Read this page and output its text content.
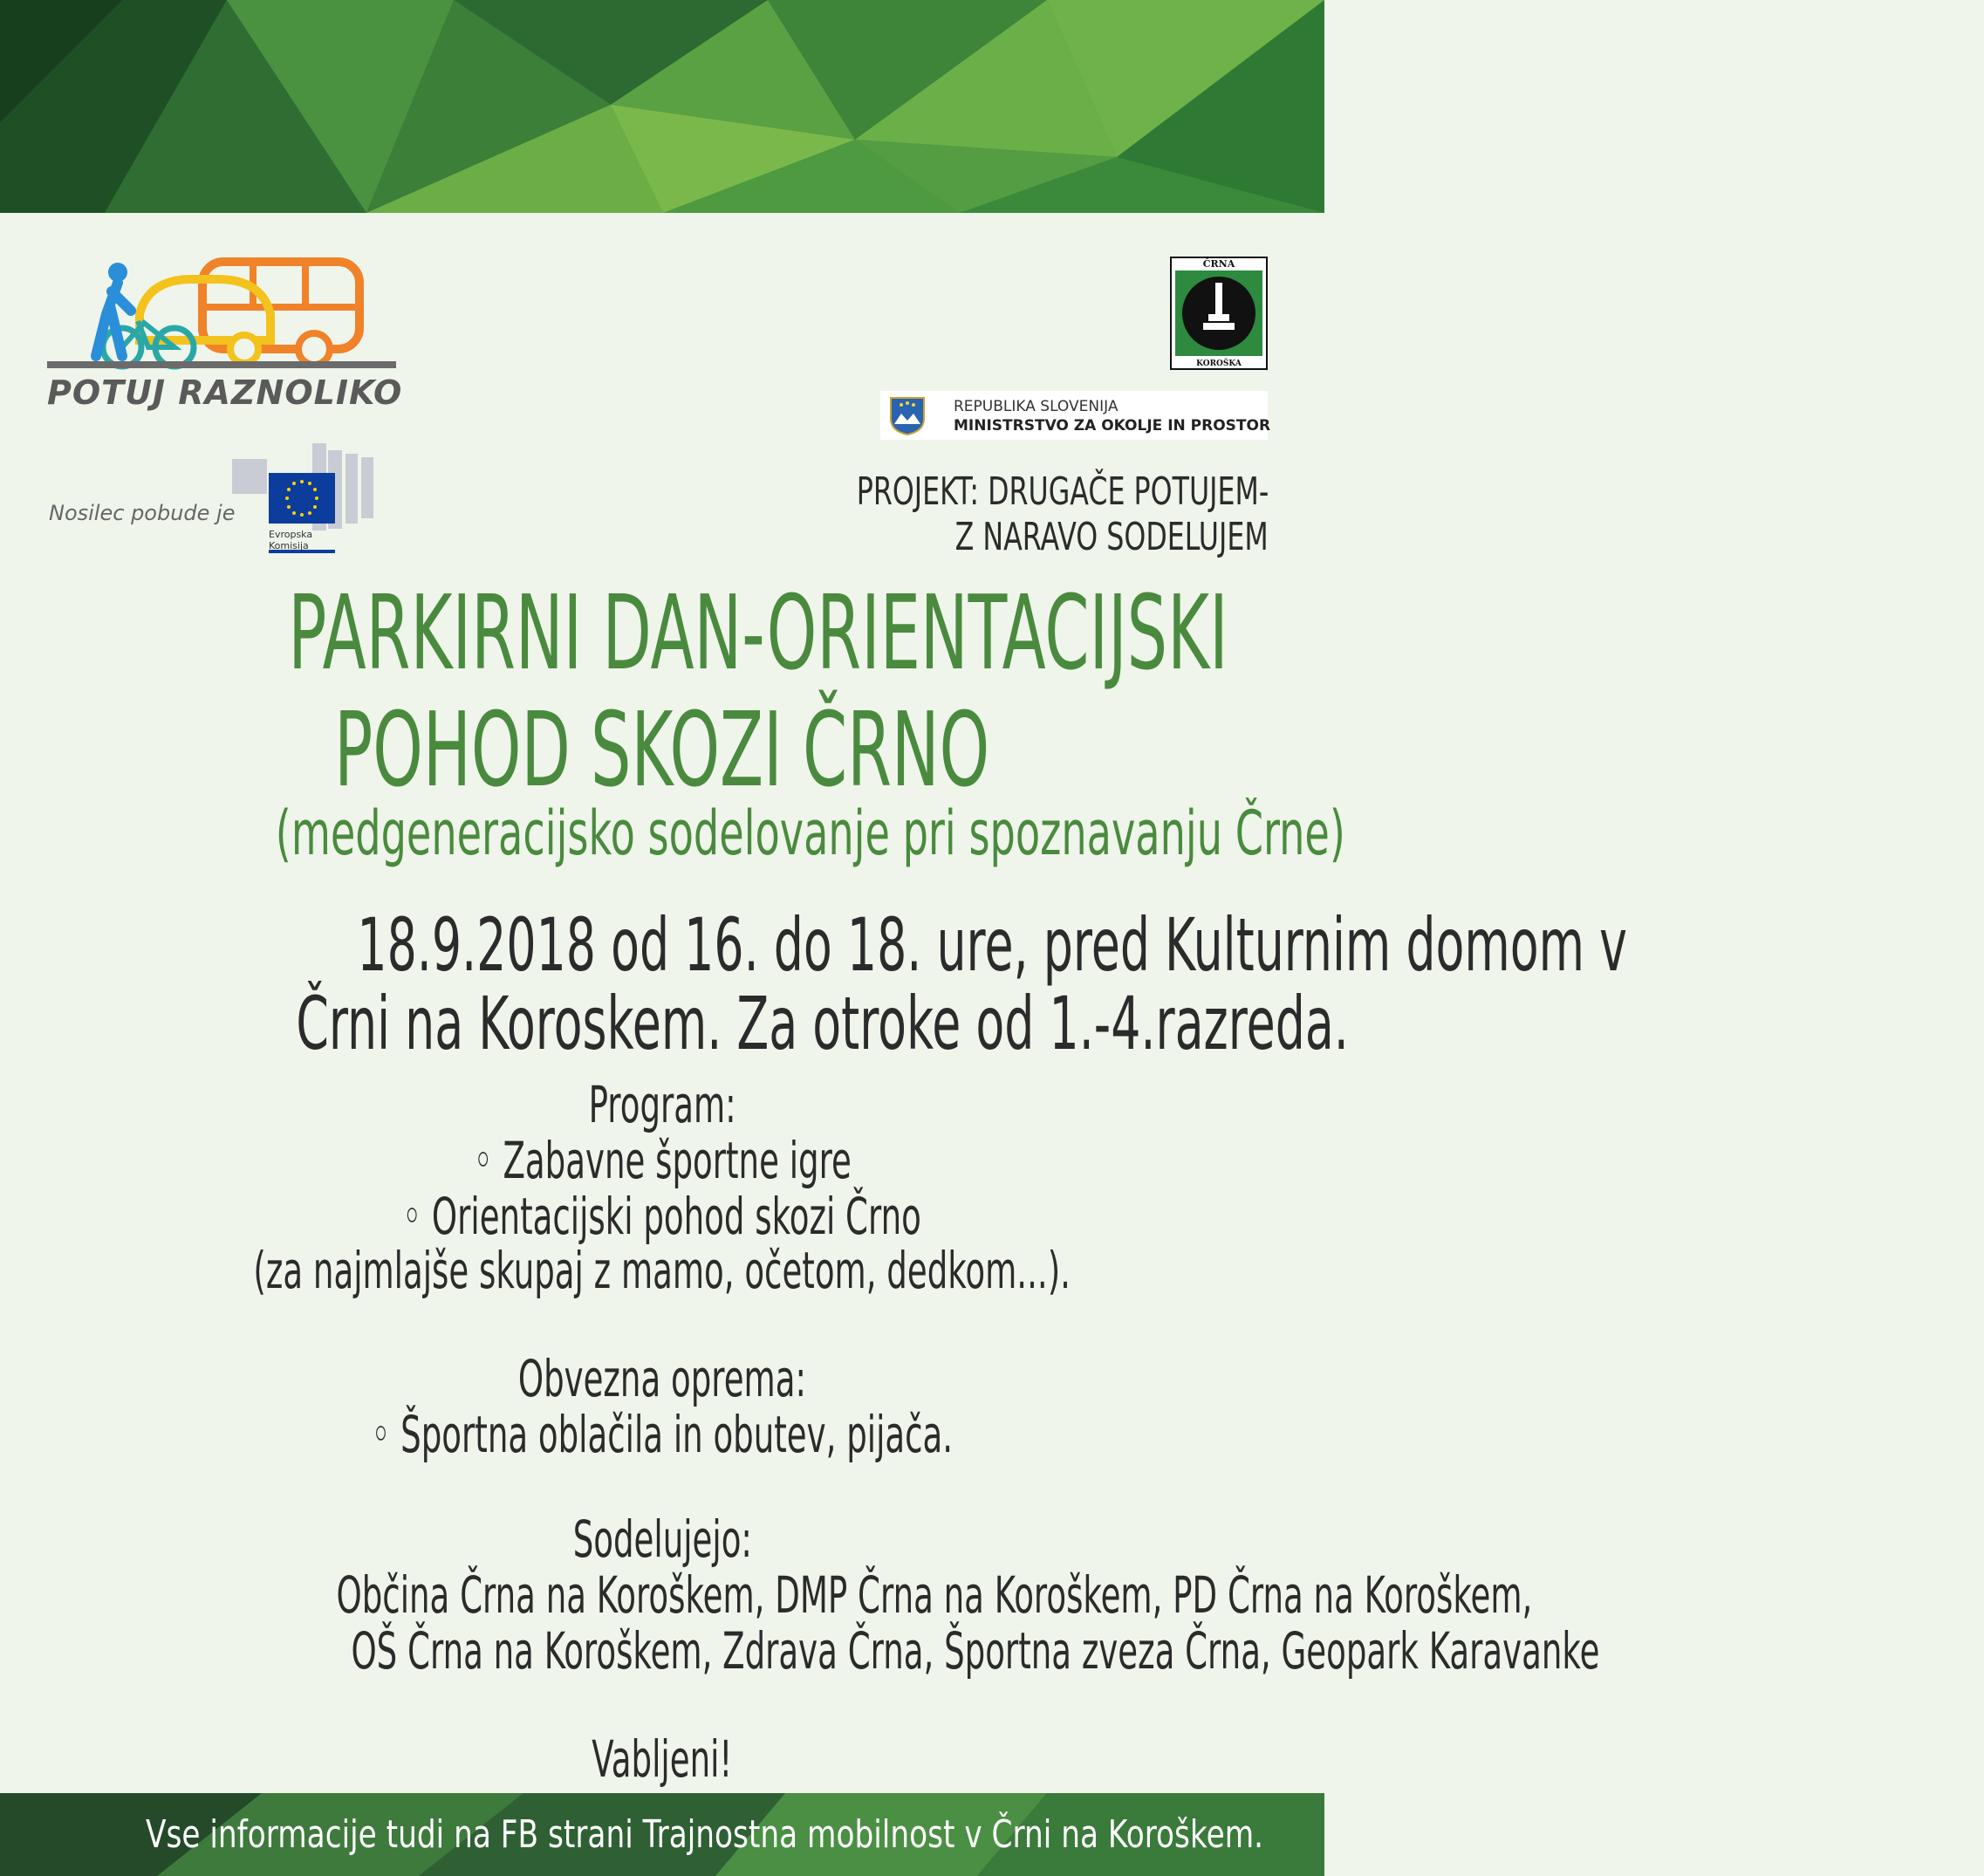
POTUJ RAZNOLIKO
Nosilec pobude je
Evropska Komisija
ČRNA
KOROŠKA
REPUBLIKA SLOVENIJA
MINISTRSTVO ZA OKOLJE IN PROSTOR
PROJEKT: DRUGAČE POTUJEM-
Z NARAVO SODELUJEM
PARKIRNI DAN-ORIENTACIJSKI
POHOD SKOZI ČRNO
(medgeneracijsko sodelovanje pri spoznavanju Črne)
18.9.2018 od 16. do 18. ure, pred Kulturnim domom v
Črni na Koroskem. Za otroke od 1.-4.razreda.
Program:
◦ Zabavne športne igre
◦ Orientacijski pohod skozi Črno
(za najmlajše skupaj z mamo, očetom, dedkom...).
Obvezna oprema:
◦ Športna oblačila in obutev, pijača.
Sodelujejo:
Občina Črna na Koroškem, DMP Črna na Koroškem, PD Črna na Koroškem,
OŠ Črna na Koroškem, Zdrava Črna, Športna zveza Črna, Geopark Karavanke
Vabljeni!
Vse informacije tudi na FB strani Trajnostna mobilnost v Črni na Koroškem.
